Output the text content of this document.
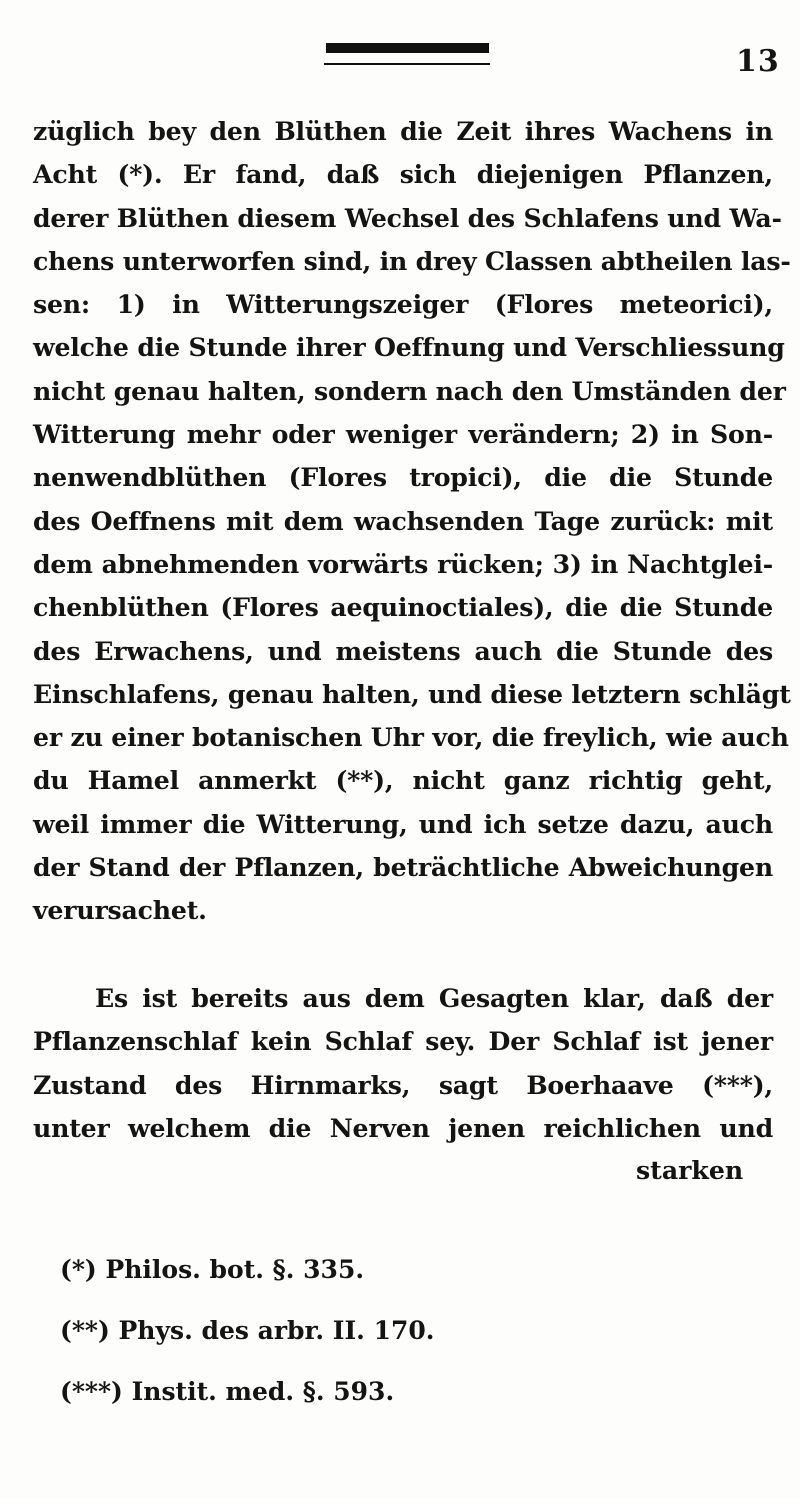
13
züglich bey den Blüthen die Zeit ihres Wachens in
Acht (*). Er fand, daß sich diejenigen Pflanzen,
derer Blüthen diesem Wechsel des Schlafens und Wa-
chens unterworfen sind, in drey Classen abtheilen las-
sen: 1) in Witterungszeiger (Flores meteorici),
welche die Stunde ihrer Oeffnung und Verschliessung
nicht genau halten, sondern nach den Umständen der
Witterung mehr oder weniger verändern; 2) in Son-
nenwendblüthen (Flores tropici), die die Stunde
des Oeffnens mit dem wachsenden Tage zurück: mit
dem abnehmenden vorwärts rücken; 3) in Nachtglei-
chenblüthen (Flores aequinoctiales), die die Stunde
des Erwachens, und meistens auch die Stunde des
Einschlafens, genau halten, und diese letztern schlägt
er zu einer botanischen Uhr vor, die freylich, wie auch
du Hamel anmerkt (**), nicht ganz richtig geht,
weil immer die Witterung, und ich setze dazu, auch
der Stand der Pflanzen, beträchtliche Abweichungen
verursachet.
Es ist bereits aus dem Gesagten klar, daß der
Pflanzenschlaf kein Schlaf sey. Der Schlaf ist jener
Zustand des Hirnmarks, sagt Boerhaave (***),
unter welchem die Nerven jenen reichlichen und
starken
(*) Philos. bot. §. 335.
(**) Phys. des arbr. II. 170.
(***) Instit. med. §. 593.
